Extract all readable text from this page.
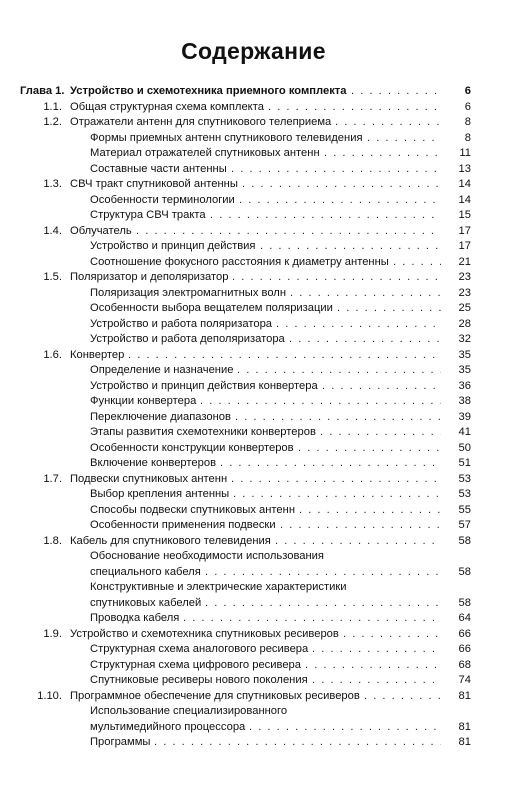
Содержание
Глава 1. Устройство и схемотехника приемного комплекта	6
. . .
1.1. Общая структурная схема комплекта	6
. . .
1.2. Отражатели антенн для спутникового телеприема	8
. . .
Формы приемных антенн спутникового телевидения	8
. . .
Материал отражателей спутниковых антенн	11
. . .
Составные части антенны	13
. . .
1.3. СВЧ тракт спутниковой антенны	14
. . .
Особенности терминологии	14
. . .
Структура СВЧ тракта	15
. . .
1.4. Облучатель	17
. . .
Устройство и принцип действия	17
. . .
Соотношение фокусного расстояния к диаметру антенны	21
. . .
1.5. Поляризатор и деполяризатор	23
. . .
Поляризация электромагнитных волн	23
. . .
Особенности выбора вещателем поляризации	25
. . .
Устройство и работа поляризатора	28
. . .
Устройство и работа деполяризатора	32
. . .
1.6. Конвертер	35
. . .
Определение и назначение	35
. . .
Устройство и принцип действия конвертера	36
. . .
Функции конвертера	38
. . .
Переключение диапазонов	39
. . .
Этапы развития схемотехники конвертеров	41
. . .
Особенности конструкции конвертеров	50
. . .
Включение конвертеров	51
. . .
1.7. Подвески спутниковых антенн	53
. . .
Выбор крепления антенны	53
. . .
Способы подвески спутниковых антенн	55
. . .
Особенности применения подвески	57
. . .
1.8. Кабель для спутникового телевидения	58
. . .
Обоснование необходимости использования
специального кабеля	58
. . .
Конструктивные и электрические характеристики
спутниковых кабелей	58
. . .
Проводка кабеля	64
. . .
1.9. Устройство и схемотехника спутниковых ресиверов	66
. . .
Структурная схема аналогового ресивера	66
. . .
Структурная схема цифрового ресивера	68
. . .
Спутниковые ресиверы нового поколения	74
. . .
1.10. Программное обеспечение для спутниковых ресиверов	81
. . .
Использование специализированного
мультимедийного процессора	81
. . .
Программы	81
. . .
